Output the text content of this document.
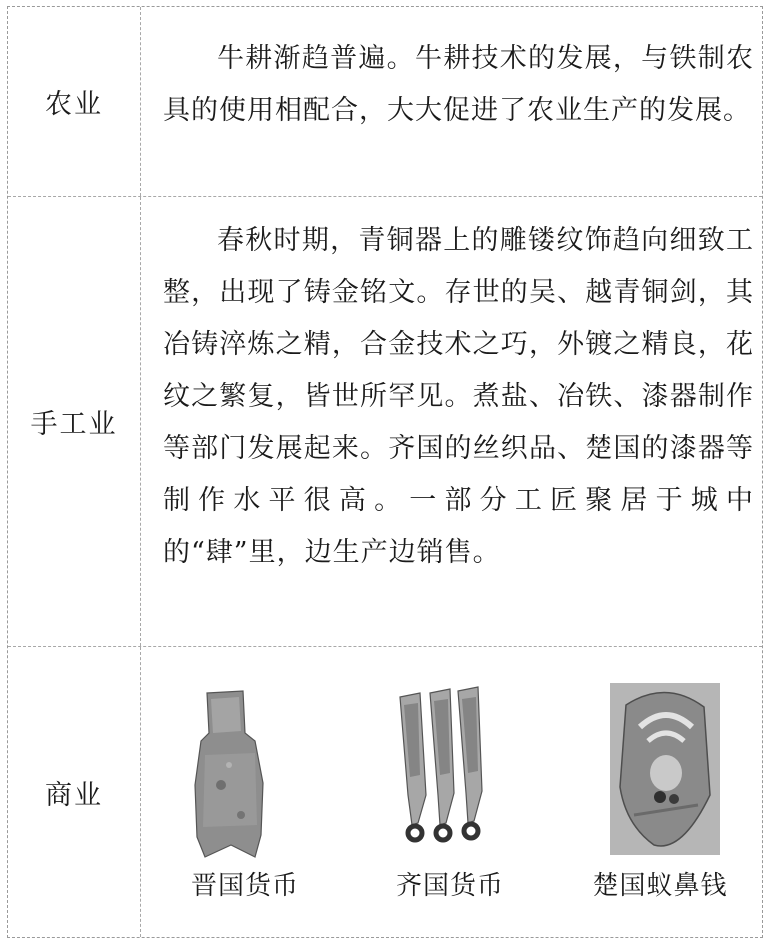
农业

牛耕渐趋普遍。牛耕技术的发展，与铁制农具的使用相配合，大大促进了农业生产的发展。

手工业

春秋时期，青铜器上的雕镂纹饰趋向细致工整，出现了铸金铭文。存世的吴、越青铜剑，其冶铸淬炼之精，合金技术之巧，外镀之精良，花纹之繁复，皆世所罕见。煮盐、冶铁、漆器制作等部门发展起来。齐国的丝织品、楚国的漆器等制作水平很高。一部分工匠聚居于城中的“肆”里，边生产边销售。

商业
晋国货币	齐国货币	楚国蚁鼻钱
